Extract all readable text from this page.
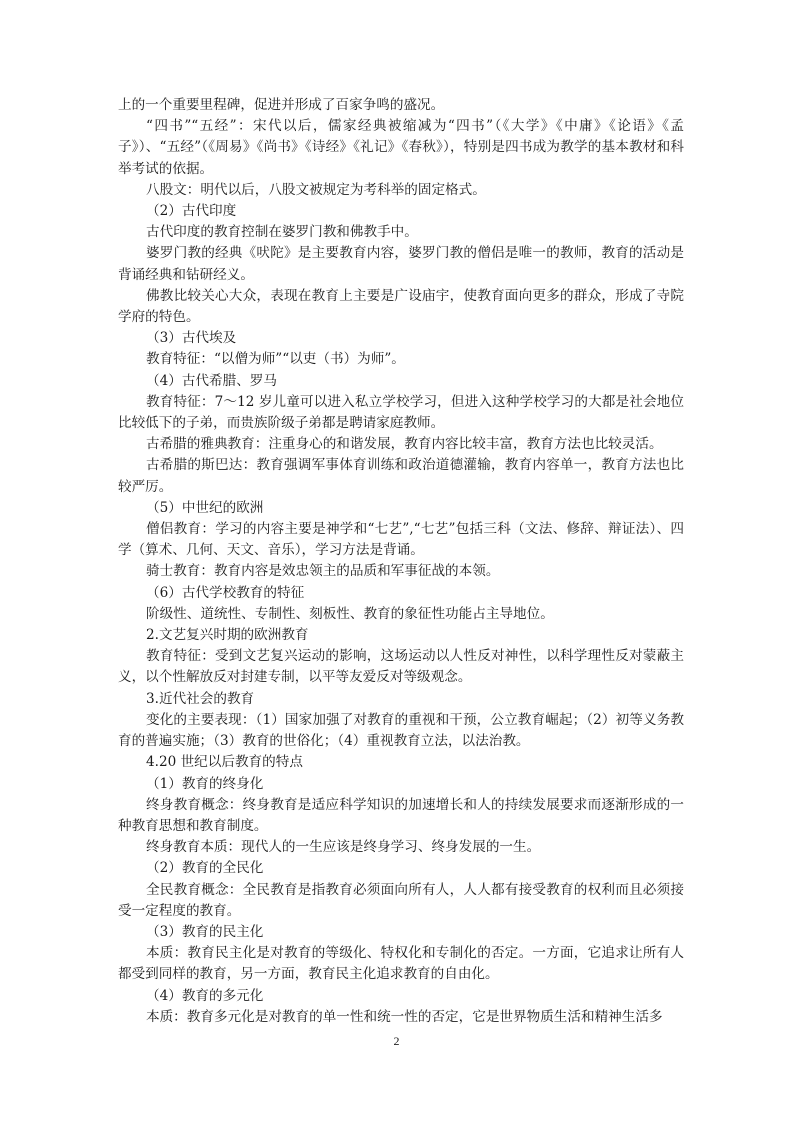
上的一个重要里程碑，促进并形成了百家争鸣的盛况。

“四书”“五经”：宋代以后，儒家经典被缩减为“四书”（《大学》《中庸》《论语》《孟子》）、“五经”（《周易》《尚书》《诗经》《礼记》《春秋》），特别是四书成为教学的基本教材和科举考试的依据。

八股文：明代以后，八股文被规定为考科举的固定格式。

（2）古代印度

古代印度的教育控制在婆罗门教和佛教手中。

婆罗门教的经典《吠陀》是主要教育内容，婆罗门教的僧侣是唯一的教师，教育的活动是背诵经典和钻研经义。

佛教比较关心大众，表现在教育上主要是广设庙宇，使教育面向更多的群众，形成了寺院学府的特色。

（3）古代埃及

教育特征：“以僧为师”“以吏（书）为师”。

（4）古代希腊、罗马

教育特征：7～12 岁儿童可以进入私立学校学习，但进入这种学校学习的大都是社会地位比较低下的子弟，而贵族阶级子弟都是聘请家庭教师。

古希腊的雅典教育：注重身心的和谐发展，教育内容比较丰富，教育方法也比较灵活。

古希腊的斯巴达：教育强调军事体育训练和政治道德灌输，教育内容单一，教育方法也比较严厉。

（5）中世纪的欧洲

僧侣教育：学习的内容主要是神学和“七艺”,“七艺”包括三科（文法、修辞、辩证法）、四学（算术、几何、天文、音乐），学习方法是背诵。

骑士教育：教育内容是效忠领主的品质和军事征战的本领。

（6）古代学校教育的特征

阶级性、道统性、专制性、刻板性、教育的象征性功能占主导地位。

2.文艺复兴时期的欧洲教育

教育特征：受到文艺复兴运动的影响，这场运动以人性反对神性，以科学理性反对蒙蔽主义，以个性解放反对封建专制，以平等友爱反对等级观念。

3.近代社会的教育

变化的主要表现：（1）国家加强了对教育的重视和干预，公立教育崛起；（2）初等义务教育的普遍实施；（3）教育的世俗化；（4）重视教育立法，以法治教。

4.20 世纪以后教育的特点

（1）教育的终身化

终身教育概念：终身教育是适应科学知识的加速增长和人的持续发展要求而逐渐形成的一种教育思想和教育制度。

终身教育本质：现代人的一生应该是终身学习、终身发展的一生。

（2）教育的全民化

全民教育概念：全民教育是指教育必须面向所有人，人人都有接受教育的权利而且必须接受一定程度的教育。

（3）教育的民主化

本质：教育民主化是对教育的等级化、特权化和专制化的否定。一方面，它追求让所有人都受到同样的教育，另一方面，教育民主化追求教育的自由化。

（4）教育的多元化

本质：教育多元化是对教育的单一性和统一性的否定，它是世界物质生活和精神生活多

2
